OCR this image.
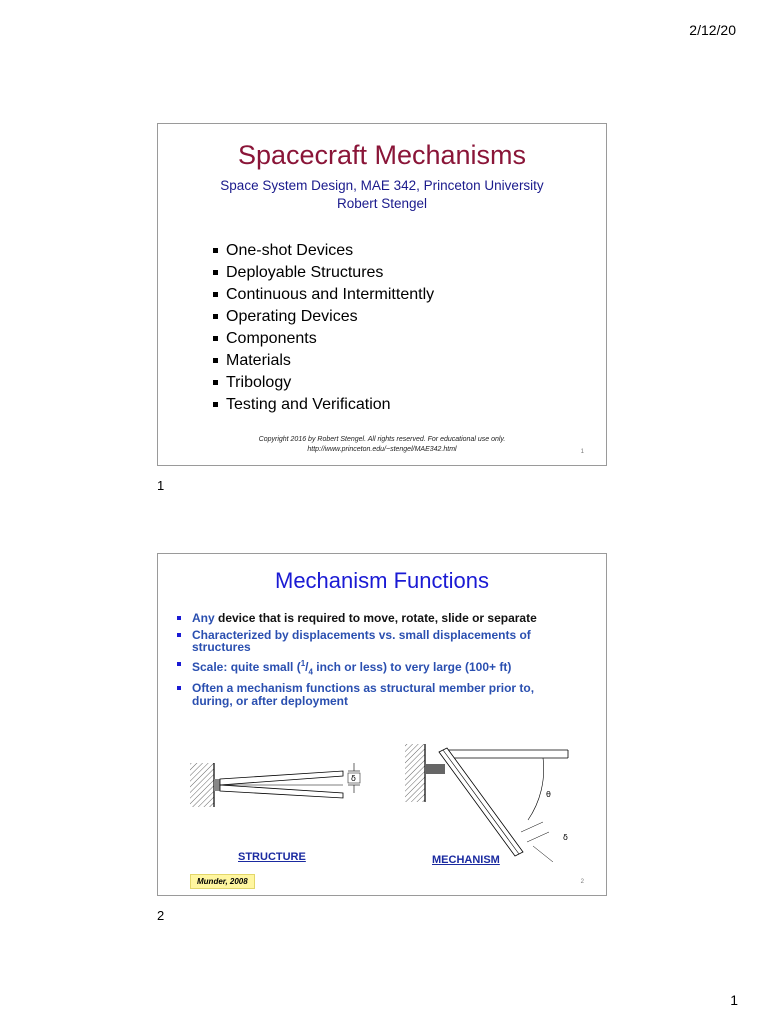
2/12/20
Spacecraft Mechanisms
Space System Design, MAE 342, Princeton University
Robert Stengel
One-shot Devices
Deployable Structures
Continuous and Intermittently
Operating Devices
Components
Materials
Tribology
Testing and Verification
Copyright 2016 by Robert Stengel. All rights reserved. For educational use only.
http://www.princeton.edu/~stengel/MAE342.html	1
1
Mechanism Functions
Any device that is required to move, rotate, slide or separate
Characterized by displacements vs. small displacements of structures
Scale: quite small ($^1/_4$ inch or less) to very large (100+ ft)
Often a mechanism functions as structural member prior to, during, or after deployment
δ
θ
δ
STRUCTURE	MECHANISM
Munder, 2008	2
2
1
